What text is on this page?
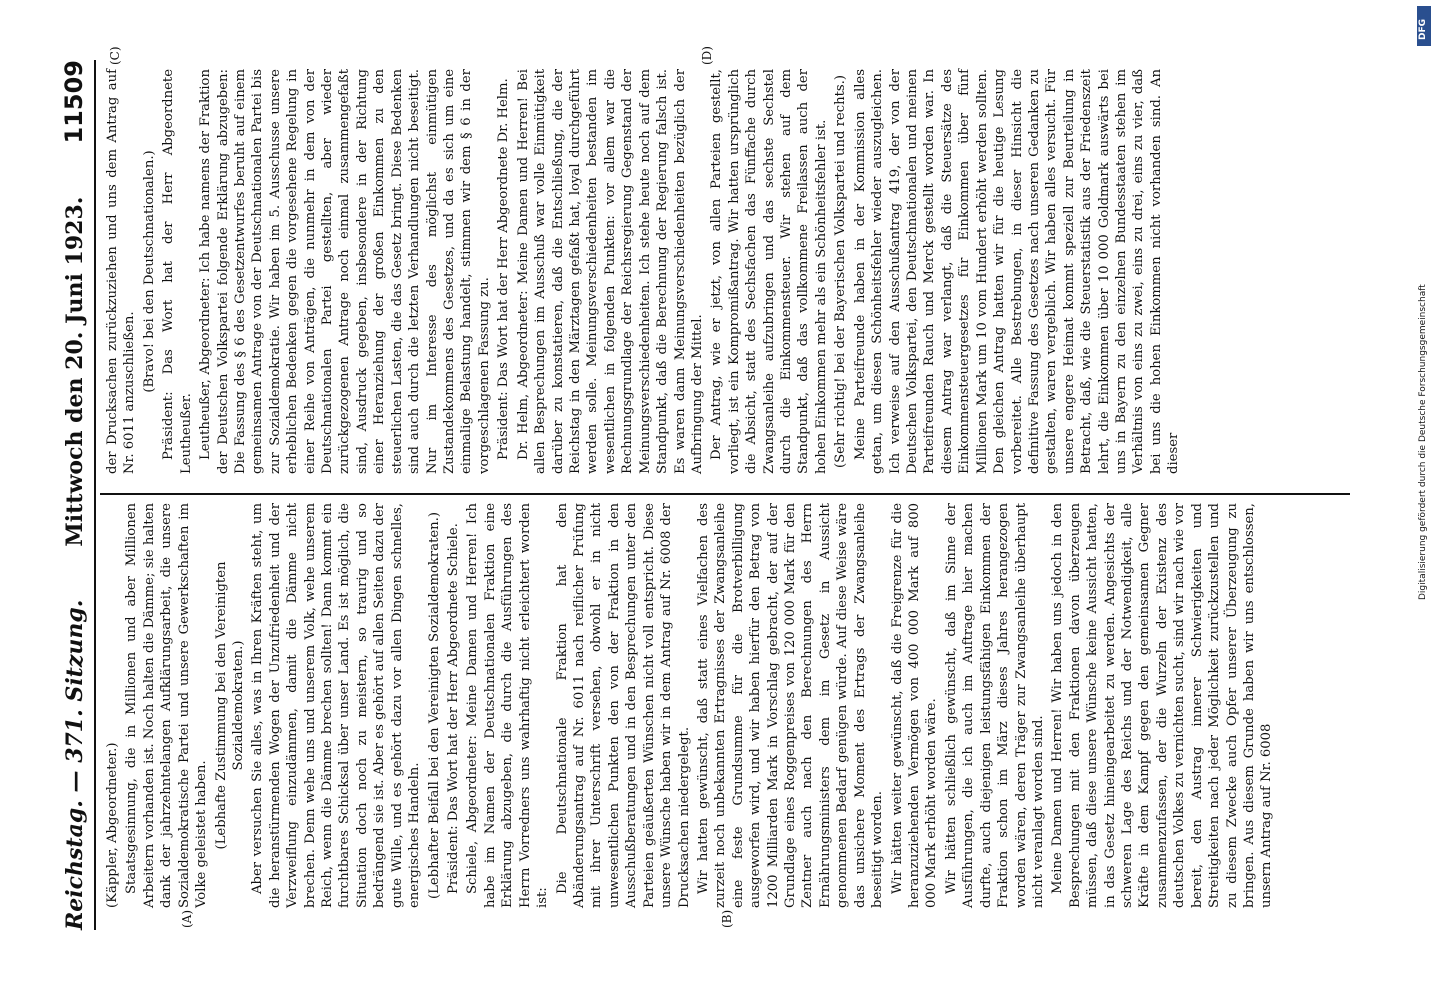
Reichstag. — 371. Sitzung.
Mittwoch den 20. Juni 1923.
11509
(A)	(B)
(C)	(D)

(Käppler, Abgeordneter.) Staatsgesinnung, die in Millionen und aber Millionen Arbeitern vorhanden ist. Noch halten die Dämme; sie halten dank der jahrzehntelangen Aufklärungsarbeit, die unsere Sozialdemokratische Partei und unsere Gewerkschaften im Volke geleistet haben. (Lebhafte Zustimmung bei den Vereinigten Sozialdemokraten.) Aber versuchen Sie alles, was in Ihren Kräften steht, um die heranstürmenden Wogen der Unzufriedenheit und der Verzweiflung einzudämmen, damit die Dämme nicht brechen. Denn wehe uns und unserem Volk, wehe unserem Reich, wenn die Dämme brechen sollten! Dann kommt ein furchtbares Schicksal über unser Land. Es ist möglich, die Situation doch noch zu meistern, so traurig und so bedrängend sie ist. Aber es gehört auf allen Seiten dazu der gute Wille, und es gehört dazu vor allen Dingen schnelles, energisches Handeln. (Lebhafter Beifall bei den Vereinigten Sozialdemokraten.) Präsident: Das Wort hat der Herr Abgeordnete Schiele. Schiele, Abgeordneter: Meine Damen und Herren! Ich habe im Namen der Deutschnationalen Fraktion eine Erklärung abzugeben, die durch die Ausführungen des Herrn Vorredners uns wahrhaftig nicht erleichtert worden ist:

Die Deutschnationale Fraktion hat den Abänderungsantrag auf Nr. 6011 nach reiflicher Prüfung mit ihrer Unterschrift versehen, obwohl er in nicht unwesentlichen Punkten den von der Fraktion in den Ausschußberatungen und in den Besprechungen unter den Parteien geäußerten Wünschen nicht voll entspricht. Diese unsere Wünsche haben wir in dem Antrag auf Nr. 6008 der Drucksachen niedergelegt. Wir hatten gewünscht, daß statt eines Vielfachen des zurzeit noch unbekannten Ertragnisses der Zwangsanleihe eine feste Grundsumme für die Brotverbilligung ausgeworfen wird, und wir haben hierfür den Betrag von 1200 Milliarden Mark in Vorschlag gebracht, der auf der Grundlage eines Roggenpreises von 120 000 Mark für den Zentner auch nach den Berechnungen des Herrn Ernährungsministers dem im Gesetz in Aussicht genommenen Bedarf genügen würde. Auf diese Weise wäre das unsichere Moment des Ertrags der Zwangsanleihe beseitigt worden. Wir hätten weiter gewünscht, daß die Freigrenze für die heranzuziehenden Vermögen von 400 000 Mark auf 800 000 Mark erhöht worden wäre. Wir hätten schließlich gewünscht, daß im Sinne der Ausführungen, die ich auch im Auftrage hier machen durfte, auch diejenigen leistungsfähigen Einkommen der Fraktion schon im März dieses Jahres herangezogen worden wären, deren Träger zur Zwangsanleihe überhaupt nicht veranlagt worden sind. Meine Damen und Herren! Wir haben uns jedoch in den Besprechungen mit den Fraktionen davon überzeugen müssen, daß diese unsere Wünsche keine Aussicht hatten, in das Gesetz hineingearbeitet zu werden. Angesichts der schweren Lage des Reichs und der Notwendigkeit, alle Kräfte in dem Kampf gegen den gemeinsamen Gegner zusammenzufassen, der die Wurzeln der Existenz des deutschen Volkes zu vernichten sucht, sind wir nach wie vor bereit, den Austrag innerer Schwierigkeiten und Streitigkeiten nach jeder Möglichkeit zurückzustellen und zu diesem Zwecke auch Opfer unserer Überzeugung zu bringen. Aus diesem Grunde haben wir uns entschlossen, unsern Antrag auf Nr. 6008

der Drucksachen zurückzuziehen und uns dem Antrag auf Nr. 6011 anzuschließen.

(Bravo! bei den Deutschnationalen.) Präsident: Das Wort hat der Herr Abgeordnete Leutheußer. Leutheußer, Abgeordneter: Ich habe namens der Fraktion der Deutschen Volkspartei folgende Erklärung abzugeben: Die Fassung des § 6 des Gesetzentwurfes beruht auf einem gemeinsamen Antrage von der Deutschnationalen Partei bis zur Sozialdemokratie. Wir haben im 5. Ausschusse unsere erheblichen Bedenken gegen die vorgesehene Regelung in einer Reihe von Anträgen, die nunmehr in dem von der Deutschnationalen Partei gestellten, aber wieder zurückgezogenen Antrage noch einmal zusammengefaßt sind, Ausdruck gegeben, insbesondere in der Richtung einer Heranziehung der großen Einkommen zu den steuerlichen Lasten, die das Gesetz bringt. Diese Bedenken sind auch durch die letzten Verhandlungen nicht beseitigt. Nur im Interesse des möglichst einmütigen Zustandekommens des Gesetzes, und da es sich um eine einmalige Belastung handelt, stimmen wir dem § 6 in der vorgeschlagenen Fassung zu. Präsident: Das Wort hat der Herr Abgeordnete Dr. Helm. Dr. Helm, Abgeordneter: Meine Damen und Herren! Bei allen Besprechungen im Ausschuß war volle Einmütigkeit darüber zu konstatieren, daß die Entschließung, die der Reichstag in den Märztagen gefaßt hat, loyal durchgeführt werden solle. Meinungsverschiedenheiten bestanden im wesentlichen in folgenden Punkten: vor allem war die Rechnungsgrundlage der Reichsregierung Gegenstand der Meinungsverschiedenheiten. Ich stehe heute noch auf dem Standpunkt, daß die Berechnung der Regierung falsch ist. Es waren dann Meinungsverschiedenheiten bezüglich der Aufbringung der Mittel. Der Antrag, wie er jetzt, von allen Parteien gestellt, vorliegt, ist ein Kompromißantrag. Wir hatten ursprünglich die Absicht, statt des Sechsfachen das Fünffache durch Zwangsanleihe aufzubringen und das sechste Sechstel durch die Einkommensteuer. Wir stehen auf dem Standpunkt, daß das vollkommene Freilassen auch der hohen Einkommen mehr als ein Schönheitsfehler ist. (Sehr richtig! bei der Bayerischen Volkspartei und rechts.) Meine Parteifreunde haben in der Kommission alles getan, um diesen Schönheitsfehler wieder auszugleichen. Ich verweise auf den Ausschußantrag 419, der von der Deutschen Volkspartei, den Deutschnationalen und meinen Parteifreunden Rauch und Merck gestellt worden war. In diesem Antrag war verlangt, daß die Steuersätze des Einkommensteuergesetzes für Einkommen über fünf Millionen Mark um 10 vom Hundert erhöht werden sollten. Den gleichen Antrag hatten wir für die heutige Lesung vorbereitet. Alle Bestrebungen, in dieser Hinsicht die definitive Fassung des Gesetzes nach unseren Gedanken zu gestalten, waren vergeblich. Wir haben alles versucht. Für unsere engere Heimat kommt speziell zur Beurteilung in Betracht, daß, wie die Steuerstatistik aus der Friedenszeit lehrt, die Einkommen über 10 000 Goldmark auswärts bei uns in Bayern zu den einzelnen Bundesstaaten stehen im Verhältnis von eins zu zwei, eins zu drei, eins zu vier, daß bei uns die hohen Einkommen nicht vorhanden sind. An dieser

DFG
Digitalisierung gefördert durch die Deutsche Forschungsgemeinschaft
